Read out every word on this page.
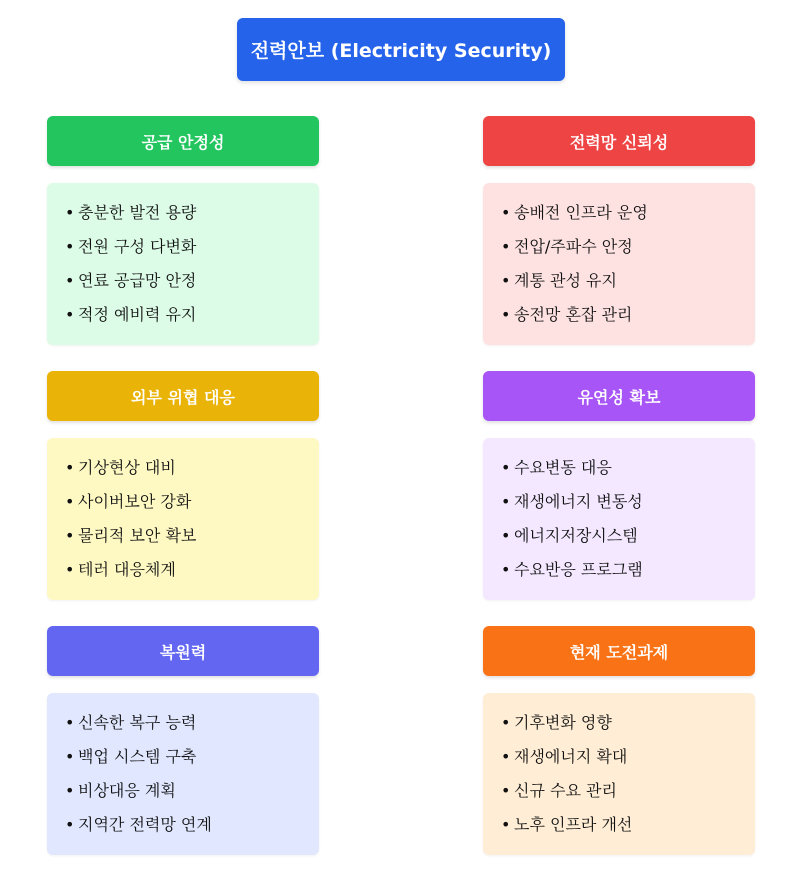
전력안보 (Electricity Security)
공급 안정성
• 충분한 발전 용량
• 전원 구성 다변화
• 연료 공급망 안정
• 적정 예비력 유지
전력망 신뢰성
• 송배전 인프라 운영
• 전압/주파수 안정
• 계통 관성 유지
• 송전망 혼잡 관리
외부 위협 대응
• 기상현상 대비
• 사이버보안 강화
• 물리적 보안 확보
• 테러 대응체계
유연성 확보
• 수요변동 대응
• 재생에너지 변동성
• 에너지저장시스템
• 수요반응 프로그램
복원력
• 신속한 복구 능력
• 백업 시스템 구축
• 비상대응 계획
• 지역간 전력망 연계
현재 도전과제
• 기후변화 영향
• 재생에너지 확대
• 신규 수요 관리
• 노후 인프라 개선
